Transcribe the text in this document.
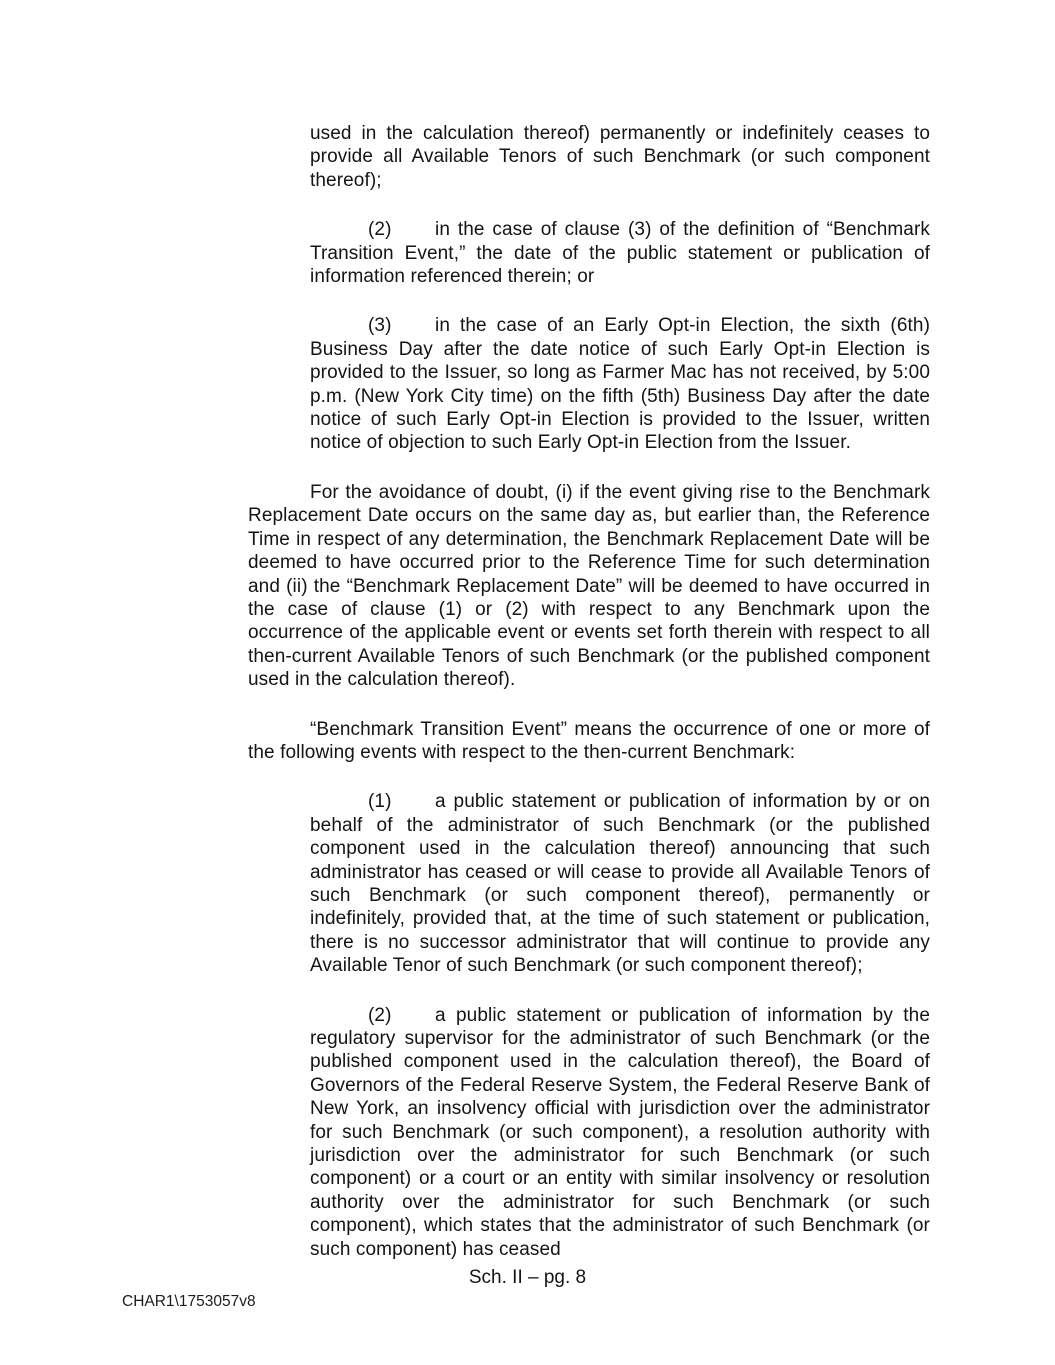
used in the calculation thereof) permanently or indefinitely ceases to provide all Available Tenors of such Benchmark (or such component thereof);

(2) in the case of clause (3) of the definition of “Benchmark Transition Event,” the date of the public statement or publication of information referenced therein; or

(3) in the case of an Early Opt-in Election, the sixth (6th) Business Day after the date notice of such Early Opt-in Election is provided to the Issuer, so long as Farmer Mac has not received, by 5:00 p.m. (New York City time) on the fifth (5th) Business Day after the date notice of such Early Opt-in Election is provided to the Issuer, written notice of objection to such Early Opt-in Election from the Issuer.

For the avoidance of doubt, (i) if the event giving rise to the Benchmark Replacement Date occurs on the same day as, but earlier than, the Reference Time in respect of any determination, the Benchmark Replacement Date will be deemed to have occurred prior to the Reference Time for such determination and (ii) the “Benchmark Replacement Date” will be deemed to have occurred in the case of clause (1) or (2) with respect to any Benchmark upon the occurrence of the applicable event or events set forth therein with respect to all then-current Available Tenors of such Benchmark (or the published component used in the calculation thereof).

“Benchmark Transition Event” means the occurrence of one or more of the following events with respect to the then-current Benchmark:

(1) a public statement or publication of information by or on behalf of the administrator of such Benchmark (or the published component used in the calculation thereof) announcing that such administrator has ceased or will cease to provide all Available Tenors of such Benchmark (or such component thereof), permanently or indefinitely, provided that, at the time of such statement or publication, there is no successor administrator that will continue to provide any Available Tenor of such Benchmark (or such component thereof);

(2) a public statement or publication of information by the regulatory supervisor for the administrator of such Benchmark (or the published component used in the calculation thereof), the Board of Governors of the Federal Reserve System, the Federal Reserve Bank of New York, an insolvency official with jurisdiction over the administrator for such Benchmark (or such component), a resolution authority with jurisdiction over the administrator for such Benchmark (or such component) or a court or an entity with similar insolvency or resolution authority over the administrator for such Benchmark (or such component), which states that the administrator of such Benchmark (or such component) has ceased

Sch. II – pg. 8
CHAR1\1753057v8
